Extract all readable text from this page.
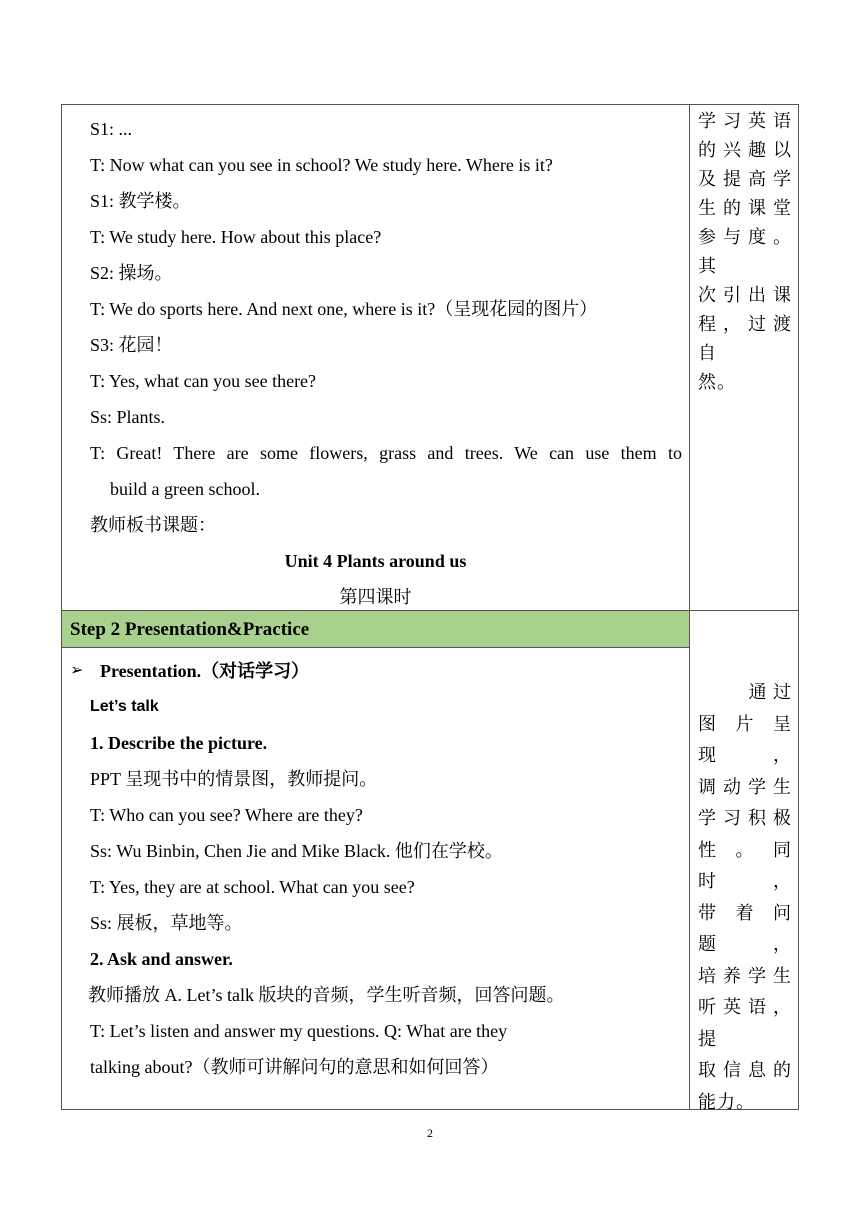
S1: ...
T: Now what can you see in school? We study here. Where is it?
S1: 教学楼。
T: We study here. How about this place?
S2: 操场。
T: We do sports here. And next one, where is it?（呈现花园的图片）
S3: 花园！
T: Yes, what can you see there?
Ss: Plants.
T: Great! There are some flowers, grass and trees. We can use them to
build a green school.
教师板书课题：
Unit 4 Plants around us
第四课时
学习英语
的兴趣以
及提高学
生的课堂
参与度。其
次引出课
程，过渡自
然。
Step 2 Presentation&Practice
➢ Presentation.（对话学习）
Let’s talk
1. Describe the picture.
PPT 呈现书中的情景图，教师提问。
T: Who can you see? Where are they?
Ss: Wu Binbin, Chen Jie and Mike Black. 他们在学校。
T: Yes, they are at school. What can you see?
Ss: 展板，草地等。
2. Ask and answer.
教师播放 A. Let’s talk 版块的音频，学生听音频，回答问题。
T: Let’s listen and answer my questions. Q: What are they
talking about?（教师可讲解问句的意思和如何回答）
通 过
图片呈现，
调动学生
学习积极
性。同时，
带着问题，
培养学生
听英语，提
取信息的
能力。
2
